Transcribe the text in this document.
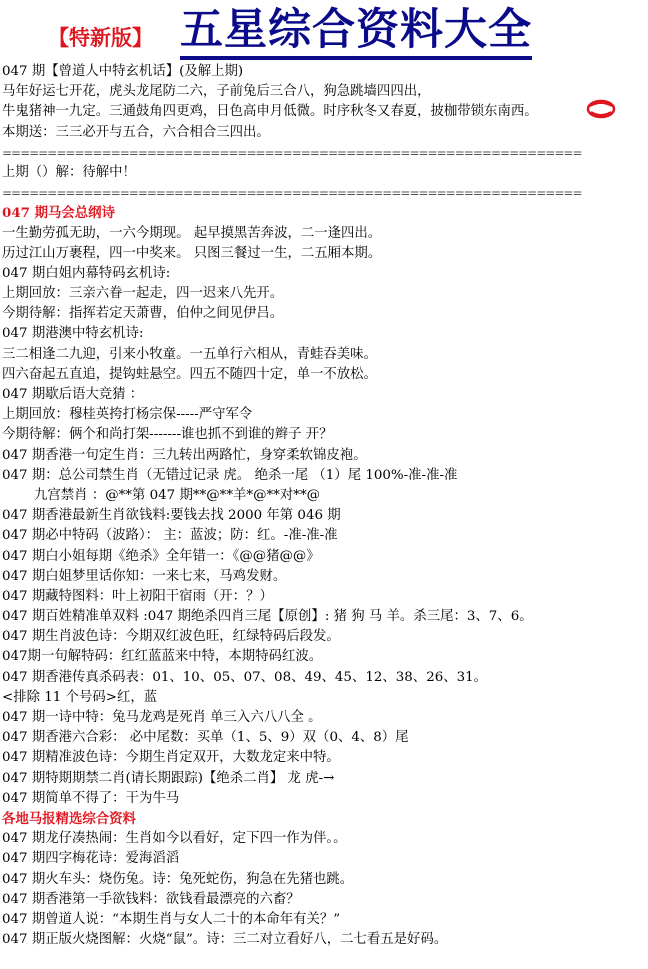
【特新版】 五星综合资料大全
047 期【曾道人中特玄机话】(及解上期)
马年好运七开花，虎头龙尾防二六，子前兔后三合八，狗急跳墙四四出，
牛鬼猪神一九定。三通鼓角四更鸡，日色高申月低微。时序秋冬又春夏，披枷带锁东南西。
本期送：三三必开与五合，六合相合三四出。
================================================================
上期（）解：待解中！
================================================================
047 期马会总纲诗
一生勤劳孤无助，一六今期现。 起早摸黑苦奔波，二一逢四出。
历过江山万裹程，四一中奖来。 只图三餐过一生，二五厢本期。
047 期白姐内幕特码玄机诗:
上期回放：三亲六眷一起走，四一迟来八先开。
今期待解：指挥若定天萧曹，伯仲之间见伊吕。
047 期港澳中特玄机诗:
三二相逢二九迎，引来小牧童。一五单行六相从，青蛙吞美味。
四六奋起五直追，提钩蛀悬空。四五不随四十定，单一不放松。
047 期歇后语大竞猜 ：
上期回放：穆桂英挎打杨宗保-----严守军令
今期待解：俩个和尚打架-------谁也抓不到谁的辫子 开？
047 期香港一句定生肖：三九转出两路忙，身穿柔软锦皮袍。
047 期：总公司禁生肖（无错过记录 虎。 绝杀一尾 （1）尾 100%-准-准-准
九宫禁肖 ：@**第 047 期**@**羊*@**对**@
047 期香港最新生肖欲钱料:要钱去找 2000 年第 046 期
047 期必中特码（波路）： 主：蓝波；防：红。-准-准-准
047 期白小姐每期《绝杀》全年错一：《@@猪@@》
047 期白姐梦里话你知：一来七来，马鸡发财。
047 期藏特图料：叶上初阳干宿雨（开：？）
047 期百姓精准单双料 :047 期绝杀四肖三尾【原创】: 猪 狗 马 羊。杀三尾：3、7、6。
047 期生肖波色诗：今期双红波色旺，红绿特码后段发。
047期一句解特码：红红蓝蓝来中特，本期特码红波。
047 期香港传真杀码表：01、10、05、07、08、49、45、12、38、26、31。
<排除 11 个号码>红，蓝
047 期一诗中特：兔马龙鸡是死肖 单三入六八八全 。
047 期香港六合彩： 必中尾数：买单（1、5、9）双（0、4、8）尾
047 期精准波色诗：今期生肖定双开，大数龙定来中特。
047 期特期期禁二肖(请长期跟踪)【绝杀二肖】 龙 虎-→
047 期简单不得了：干为牛马
各地马报精选综合资料
047 期龙仔凑热闹：生肖如今以看好，定下四一作为伴。。
047 期四字梅花诗：爱海滔滔
047 期火车头：烧伤兔。诗：兔死蛇伤，狗急在先猪也跳。
047 期香港第一手欲钱料：欲钱看最漂亮的六畜？
047 期曾道人说：“本期生肖与女人二十的本命年有关？”
047 期正版火烧图解：火烧“鼠”。诗：三二对立看好八，二七看五是好码。
